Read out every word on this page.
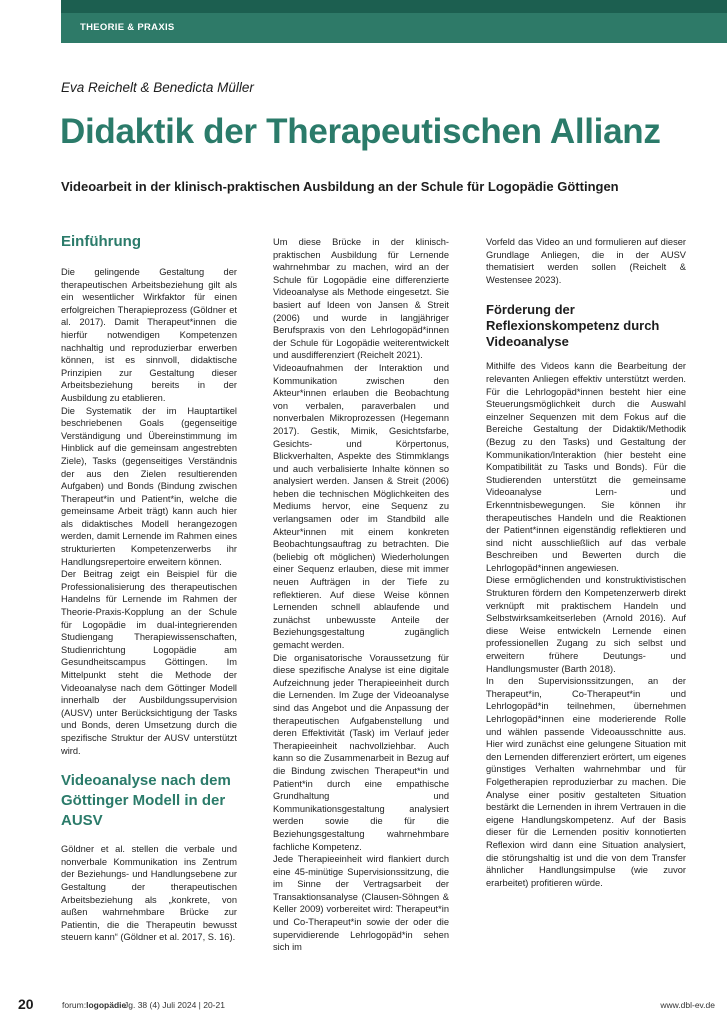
THEORIE & PRAXIS
Eva Reichelt & Benedicta Müller
Didaktik der Therapeutischen Allianz
Videoarbeit in der klinisch-praktischen Ausbildung an der Schule für Logopädie Göttingen
Einführung

Die gelingende Gestaltung der therapeutischen Arbeitsbeziehung gilt als ein wesentlicher Wirkfaktor für einen erfolgreichen Therapieprozess (Göldner et al. 2017). Damit Therapeut*innen die hierfür notwendigen Kompetenzen nachhaltig und reproduzierbar erwerben können, ist es sinnvoll, didaktische Prinzipien zur Gestaltung dieser Arbeitsbeziehung bereits in der Ausbildung zu etablieren.

Die Systematik der im Hauptartikel beschriebenen Goals (gegenseitige Verständigung und Übereinstimmung im Hinblick auf die gemeinsam angestrebten Ziele), Tasks (gegenseitiges Verständnis der aus den Zielen resultierenden Aufgaben) und Bonds (Bindung zwischen Therapeut*in und Patient*in, welche die gemeinsame Arbeit trägt) kann auch hier als didaktisches Modell herangezogen werden, damit Lernende im Rahmen eines strukturierten Kompetenzerwerbs ihr Handlungsrepertoire erweitern können.

Der Beitrag zeigt ein Beispiel für die Professionalisierung des therapeutischen Handelns für Lernende im Rahmen der Theorie-Praxis-Kopplung an der Schule für Logopädie im dual-integrierenden Studiengang Therapiewissenschaften, Studienrichtung Logopädie am Gesundheitscampus Göttingen. Im Mittelpunkt steht die Methode der Videoanalyse nach dem Göttinger Modell innerhalb der Ausbildungssupervision (AUSV) unter Berücksichtigung der Tasks und Bonds, deren Umsetzung durch die spezifische Struktur der AUSV unterstützt wird.

Videoanalyse nach dem Göttinger Modell in der AUSV

Göldner et al. stellen die verbale und nonverbale Kommunikation ins Zentrum der Beziehungs- und Handlungsebene zur Gestaltung der therapeutischen Arbeitsbeziehung als „konkrete, von außen wahrnehmbare Brücke zur Patientin, die die Therapeutin bewusst steuern kann“ (Göldner et al. 2017, S. 16).

Um diese Brücke in der klinisch-praktischen Ausbildung für Lernende wahrnehmbar zu machen, wird an der Schule für Logopädie eine differenzierte Videoanalyse als Methode eingesetzt. Sie basiert auf Ideen von Jansen & Streit (2006) und wurde in langjähriger Berufspraxis von den Lehrlogopäd*innen der Schule für Logopädie weiterentwickelt und ausdifferenziert (Reichelt 2021).

Videoaufnahmen der Interaktion und Kommunikation zwischen den Akteur*innen erlauben die Beobachtung von verbalen, paraverbalen und nonverbalen Mikroprozessen (Hegemann 2017). Gestik, Mimik, Gesichtsfarbe, Gesichts- und Körpertonus, Blickverhalten, Aspekte des Stimmklangs und auch verbalisierte Inhalte können so analysiert werden. Jansen & Streit (2006) heben die technischen Möglichkeiten des Mediums hervor, eine Sequenz zu verlangsamen oder im Standbild alle Akteur*innen mit einem konkreten Beobachtungsauftrag zu betrachten. Die (beliebig oft möglichen) Wiederholungen einer Sequenz erlauben, diese mit immer neuen Aufträgen in der Tiefe zu reflektieren. Auf diese Weise können Lernenden schnell ablaufende und zunächst unbewusste Anteile der Beziehungsgestaltung zugänglich gemacht werden.

Die organisatorische Voraussetzung für diese spezifische Analyse ist eine digitale Aufzeichnung jeder Therapieeinheit durch die Lernenden. Im Zuge der Videoanalyse sind das Angebot und die Anpassung der therapeutischen Aufgabenstellung und deren Effektivität (Task) im Verlauf jeder Therapieeinheit nachvollziehbar. Auch kann so die Zusammenarbeit in Bezug auf die Bindung zwischen Therapeut*in und Patient*in durch eine empathische Grundhaltung und Kommunikationsgestaltung analysiert werden sowie die für die Beziehungsgestaltung wahrnehmbare fachliche Kompetenz.

Jede Therapieeinheit wird flankiert durch eine 45-minütige Supervisionssitzung, die im Sinne der Vertragsarbeit der Transaktionsanalyse (Clausen-Söhngen & Keller 2009) vorbereitet wird: Therapeut*in und Co-Therapeut*in sowie der oder die supervidierende Lehrlogopäd*in sehen sich im

Vorfeld das Video an und formulieren auf dieser Grundlage Anliegen, die in der AUSV thematisiert werden sollen (Reichelt & Westensee 2023).

Förderung der Reflexionskompetenz durch Videoanalyse

Mithilfe des Videos kann die Bearbeitung der relevanten Anliegen effektiv unterstützt werden. Für die Lehrlogopäd*innen besteht hier eine Steuerungsmöglichkeit durch die Auswahl einzelner Sequenzen mit dem Fokus auf die Bereiche Gestaltung der Didaktik/Methodik (Bezug zu den Tasks) und Gestaltung der Kommunikation/Interaktion (hier besteht eine Kompatibilität zu Tasks und Bonds). Für die Studierenden unterstützt die gemeinsame Videoanalyse Lern- und Erkenntnisbewegungen. Sie können ihr therapeutisches Handeln und die Reaktionen der Patient*innen eigenständig reflektieren und sind nicht ausschließlich auf das verbale Beschreiben und Bewerten durch die Lehrlogopäd*innen angewiesen.

Diese ermöglichenden und konstruktivistischen Strukturen fördern den Kompetenzerwerb direkt verknüpft mit praktischem Handeln und Selbstwirksamkeitserleben (Arnold 2016). Auf diese Weise entwickeln Lernende einen professionellen Zugang zu sich selbst und erweitern frühere Deutungs- und Handlungsmuster (Barth 2018).

In den Supervisionssitzungen, an der Therapeut*in, Co-Therapeut*in und Lehrlogopäd*in teilnehmen, übernehmen Lehrlogopäd*innen eine moderierende Rolle und wählen passende Videoausschnitte aus. Hier wird zunächst eine gelungene Situation mit den Lernenden differenziert erörtert, um eigenes günstiges Verhalten wahrnehmbar und für Folgetherapien reproduzierbar zu machen. Die Analyse einer positiv gestalteten Situation bestärkt die Lernenden in ihrem Vertrauen in die eigene Handlungskompetenz. Auf der Basis dieser für die Lernenden positiv konnotierten Reflexion wird dann eine Situation analysiert, die störungshaltig ist und die von dem Transfer ähnlicher Handlungsimpulse (wie zuvor erarbeitet) profitieren würde.

20	forum:logopädie
Jg. 38 (4) Juli 2024 | 20-21	www.dbl-ev.de
